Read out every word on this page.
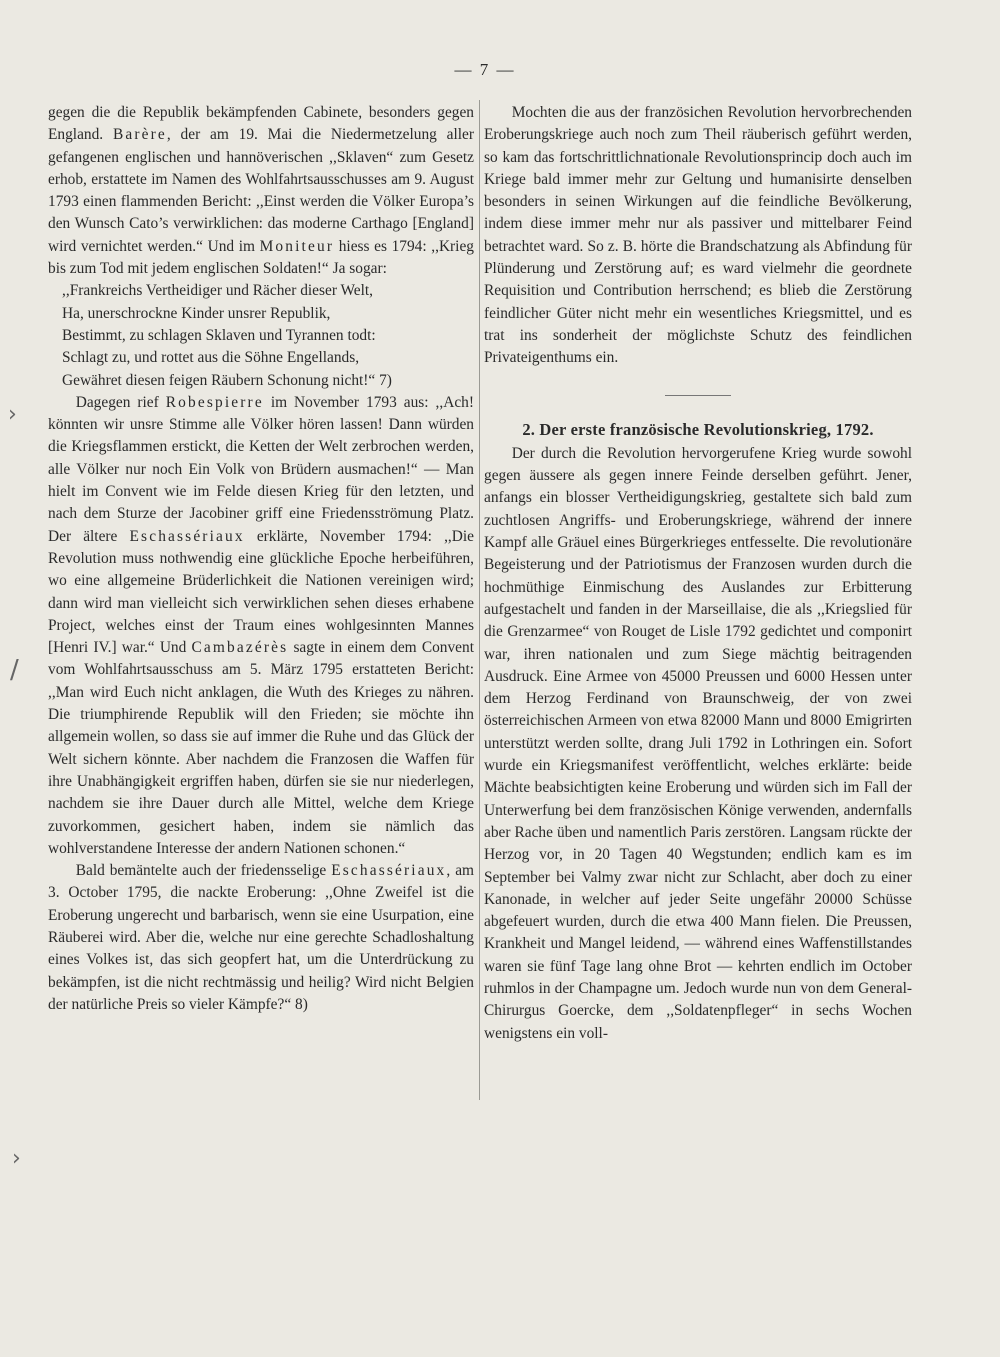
— 7 —

gegen die die Republik bekämpfenden Cabinete, besonders gegen England. Barère, der am 19. Mai die Niedermetzelung aller gefangenen englischen und hannöverischen ,,Sklaven“ zum Gesetz erhob, erstattete im Namen des Wohlfahrtsausschusses am 9. August 1793 einen flammenden Bericht: ,,Einst werden die Völker Europa’s den Wunsch Cato’s verwirklichen: das moderne Carthago [England] wird vernichtet werden.“ Und im Moniteur hiess es 1794: ,,Krieg bis zum Tod mit jedem englischen Soldaten!“ Ja sogar:

,,Frankreichs Vertheidiger und Rächer dieser Welt,
Ha, unerschrockne Kinder unsrer Republik,
Bestimmt, zu schlagen Sklaven und Tyrannen todt:
Schlagt zu, und rottet aus die Söhne Engellands,
Gewähret diesen feigen Räubern Schonung nicht!“ 7)

Dagegen rief Robespierre im November 1793 aus: ,,Ach! könnten wir unsre Stimme alle Völker hören lassen! Dann würden die Kriegsflammen erstickt, die Ketten der Welt zerbrochen werden, alle Völker nur noch Ein Volk von Brüdern ausmachen!“ — Man hielt im Convent wie im Felde diesen Krieg für den letzten, und nach dem Sturze der Jacobiner griff eine Friedensströmung Platz. Der ältere Eschassériaux erklärte, November 1794: ,,Die Revolution muss nothwendig eine glückliche Epoche herbeiführen, wo eine allgemeine Brüderlichkeit die Nationen vereinigen wird; dann wird man vielleicht sich verwirklichen sehen dieses erhabene Project, welches einst der Traum eines wohlgesinnten Mannes [Henri IV.] war.“ Und Cambazérès sagte in einem dem Convent vom Wohlfahrtsausschuss am 5. März 1795 erstatteten Bericht: ,,Man wird Euch nicht anklagen, die Wuth des Krieges zu nähren. Die triumphirende Republik will den Frieden; sie möchte ihn allgemein wollen, so dass sie auf immer die Ruhe und das Glück der Welt sichern könnte. Aber nachdem die Franzosen die Waffen für ihre Unabhängigkeit ergriffen haben, dürfen sie sie nur niederlegen, nachdem sie ihre Dauer durch alle Mittel, welche dem Kriege zuvorkommen, gesichert haben, indem sie nämlich das wohlverstandene Interesse der andern Nationen schonen.“

Bald bemäntelte auch der friedensselige Eschassériaux, am 3. October 1795, die nackte Eroberung: ,,Ohne Zweifel ist die Eroberung ungerecht und barbarisch, wenn sie eine Usurpation, eine Räuberei wird. Aber die, welche nur eine gerechte Schadloshaltung eines Volkes ist, das sich geopfert hat, um die Unterdrückung zu bekämpfen, ist die nicht rechtmässig und heilig? Wird nicht Belgien der natürliche Preis so vieler Kämpfe?“ 8)

Mochten die aus der französichen Revolution hervorbrechenden Eroberungskriege auch noch zum Theil räuberisch geführt werden, so kam das fortschrittlichnationale Revolutionsprincip doch auch im Kriege bald immer mehr zur Geltung und humanisirte denselben besonders in seinen Wirkungen auf die feindliche Bevölkerung, indem diese immer mehr nur als passiver und mittelbarer Feind betrachtet ward. So z. B. hörte die Brandschatzung als Abfindung für Plünderung und Zerstörung auf; es ward vielmehr die geordnete Requisition und Contribution herrschend; es blieb die Zerstörung feindlicher Güter nicht mehr ein wesentliches Kriegsmittel, und es trat ins sonderheit der möglichste Schutz des feindlichen Privateigenthums ein.

2. Der erste französische Revolutionskrieg, 1792.

Der durch die Revolution hervorgerufene Krieg wurde sowohl gegen äussere als gegen innere Feinde derselben geführt. Jener, anfangs ein blosser Vertheidigungskrieg, gestaltete sich bald zum zuchtlosen Angriffs- und Eroberungskriege, während der innere Kampf alle Gräuel eines Bürgerkrieges entfesselte. Die revolutionäre Begeisterung und der Patriotismus der Franzosen wurden durch die hochmüthige Einmischung des Auslandes zur Erbitterung aufgestachelt und fanden in der Marseillaise, die als ,,Kriegslied für die Grenzarmee“ von Rouget de Lisle 1792 gedichtet und componirt war, ihren nationalen und zum Siege mächtig beitragenden Ausdruck. Eine Armee von 45000 Preussen und 6000 Hessen unter dem Herzog Ferdinand von Braunschweig, der von zwei österreichischen Armeen von etwa 82000 Mann und 8000 Emigrirten unterstützt werden sollte, drang Juli 1792 in Lothringen ein. Sofort wurde ein Kriegsmanifest veröffentlicht, welches erklärte: beide Mächte beabsichtigten keine Eroberung und würden sich im Fall der Unterwerfung bei dem französischen Könige verwenden, andernfalls aber Rache üben und namentlich Paris zerstören. Langsam rückte der Herzog vor, in 20 Tagen 40 Wegstunden; endlich kam es im September bei Valmy zwar nicht zur Schlacht, aber doch zu einer Kanonade, in welcher auf jeder Seite ungefähr 20000 Schüsse abgefeuert wurden, durch die etwa 400 Mann fielen. Die Preussen, Krankheit und Mangel leidend, — während eines Waffenstillstandes waren sie fünf Tage lang ohne Brot — kehrten endlich im October ruhmlos in der Champagne um. Jedoch wurde nun von dem General-Chirurgus Goercke, dem ,,Soldatenpfleger“ in sechs Wochen wenigstens ein voll-

›
/
›
